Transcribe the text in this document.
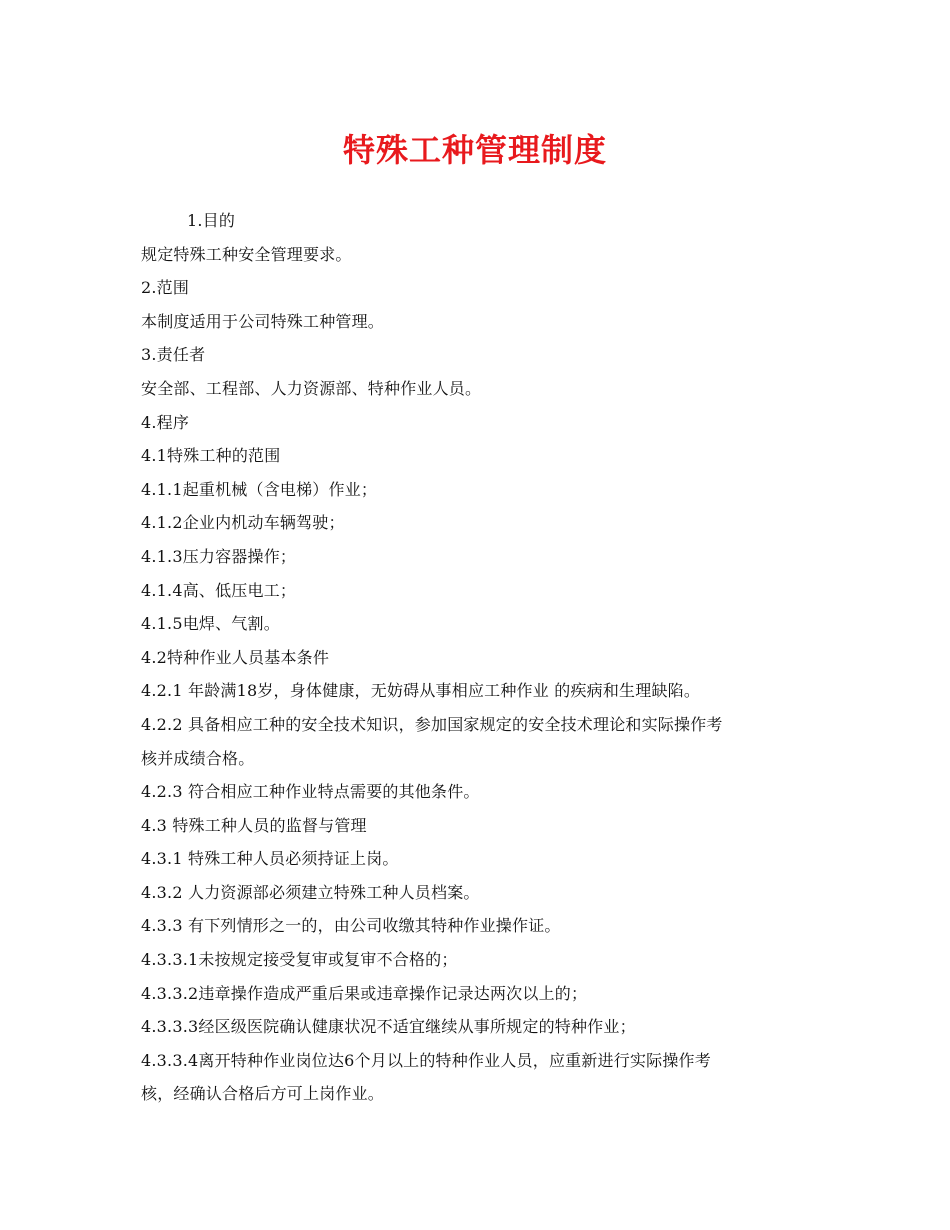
特殊工种管理制度
1.目的
规定特殊工种安全管理要求。
2.范围
本制度适用于公司特殊工种管理。
3.责任者
安全部、工程部、人力资源部、特种作业人员。
4.程序
4.1特殊工种的范围
4.1.1起重机械（含电梯）作业；
4.1.2企业内机动车辆驾驶；
4.1.3压力容器操作；
4.1.4高、低压电工；
4.1.5电焊、气割。
4.2特种作业人员基本条件
4.2.1 年龄满18岁，身体健康，无妨碍从事相应工种作业 的疾病和生理缺陷。
4.2.2 具备相应工种的安全技术知识，参加国家规定的安全技术理论和实际操作考
核并成绩合格。
4.2.3 符合相应工种作业特点需要的其他条件。
4.3 特殊工种人员的监督与管理
4.3.1 特殊工种人员必须持证上岗。
4.3.2 人力资源部必须建立特殊工种人员档案。
4.3.3 有下列情形之一的，由公司收缴其特种作业操作证。
4.3.3.1未按规定接受复审或复审不合格的；
4.3.3.2违章操作造成严重后果或违章操作记录达两次以上的；
4.3.3.3经区级医院确认健康状况不适宜继续从事所规定的特种作业；
4.3.3.4离开特种作业岗位达6个月以上的特种作业人员，应重新进行实际操作考
核，经确认合格后方可上岗作业。
